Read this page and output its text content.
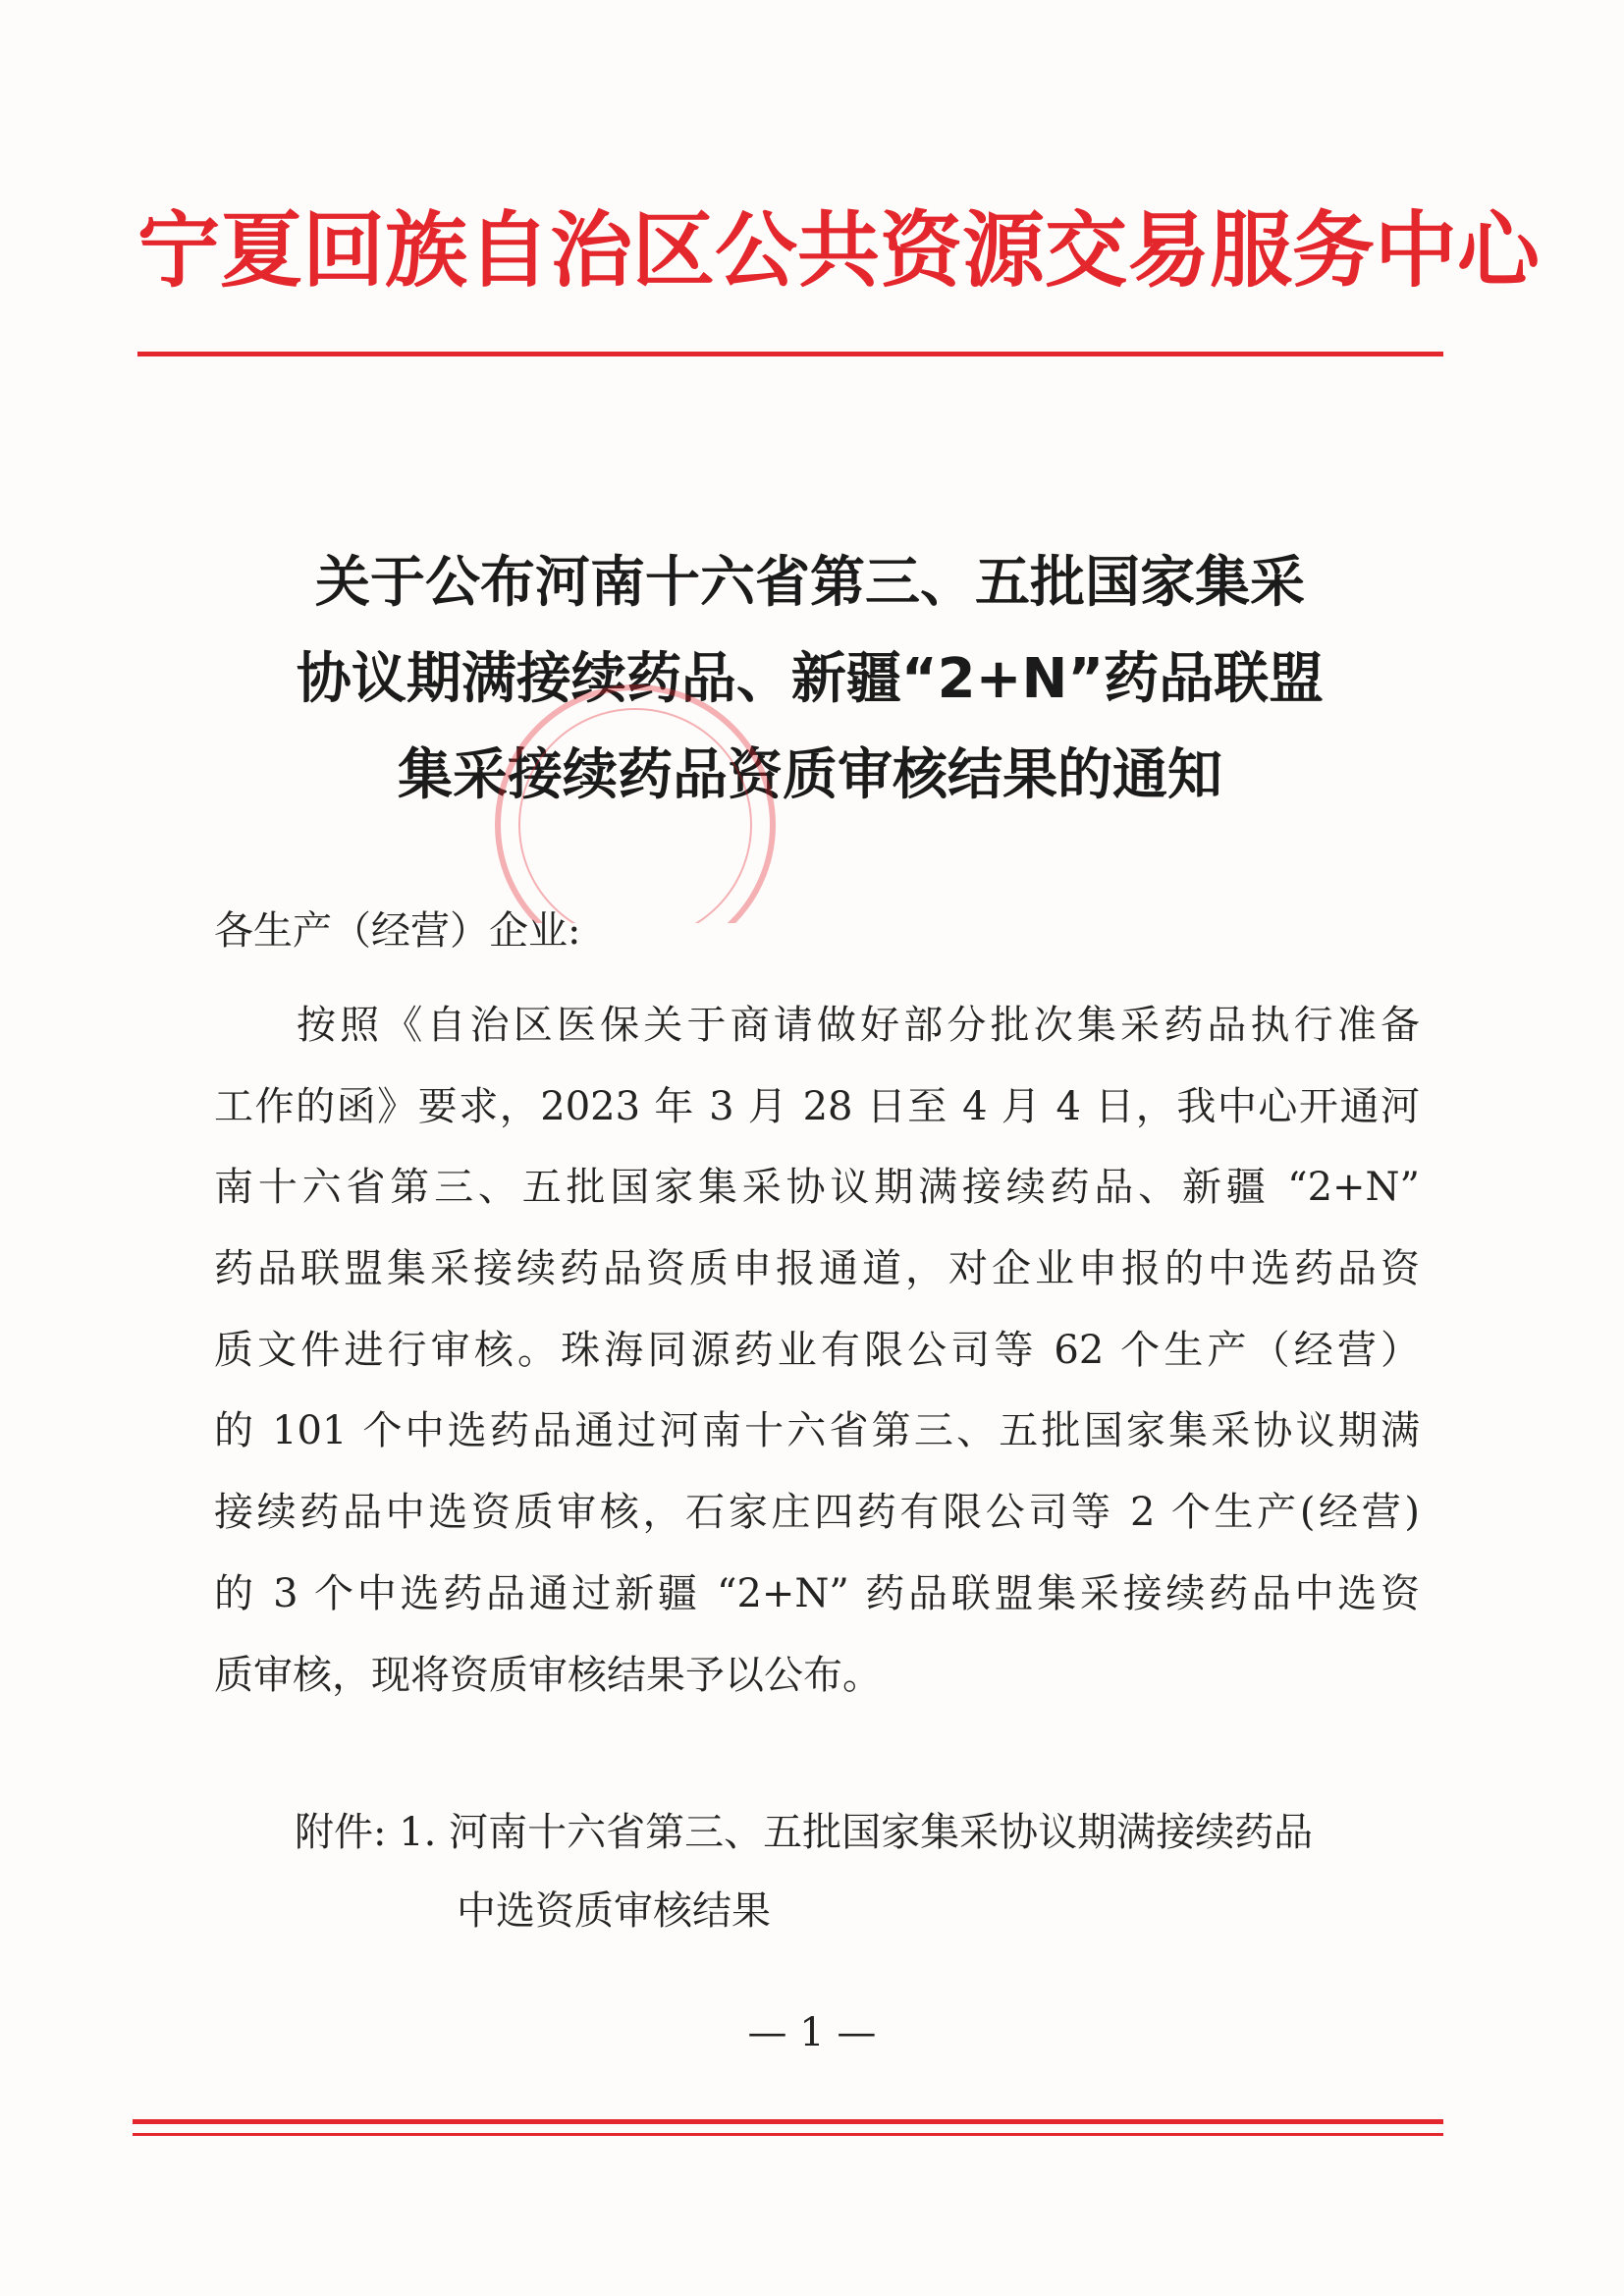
宁夏回族自治区公共资源交易服务中心
关于公布河南十六省第三、五批国家集采
协议期满接续药品、新疆“2+N”药品联盟
集采接续药品资质审核结果的通知
各生产（经营）企业:
按照《自治区医保关于商请做好部分批次集采药品执行准备
工作的函》要求，2023 年 3 月 28 日至 4 月 4 日，我中心开通河
南十六省第三、五批国家集采协议期满接续药品、新疆 “2+N”
药品联盟集采接续药品资质申报通道，对企业申报的中选药品资
质文件进行审核。珠海同源药业有限公司等 62 个生产（经营）
的 101 个中选药品通过河南十六省第三、五批国家集采协议期满
接续药品中选资质审核，石家庄四药有限公司等 2 个生产(经营)
的 3 个中选药品通过新疆 “2+N” 药品联盟集采接续药品中选资
质审核，现将资质审核结果予以公布。
附件: 1. 河南十六省第三、五批国家集采协议期满接续药品
中选资质审核结果
— 1 —
